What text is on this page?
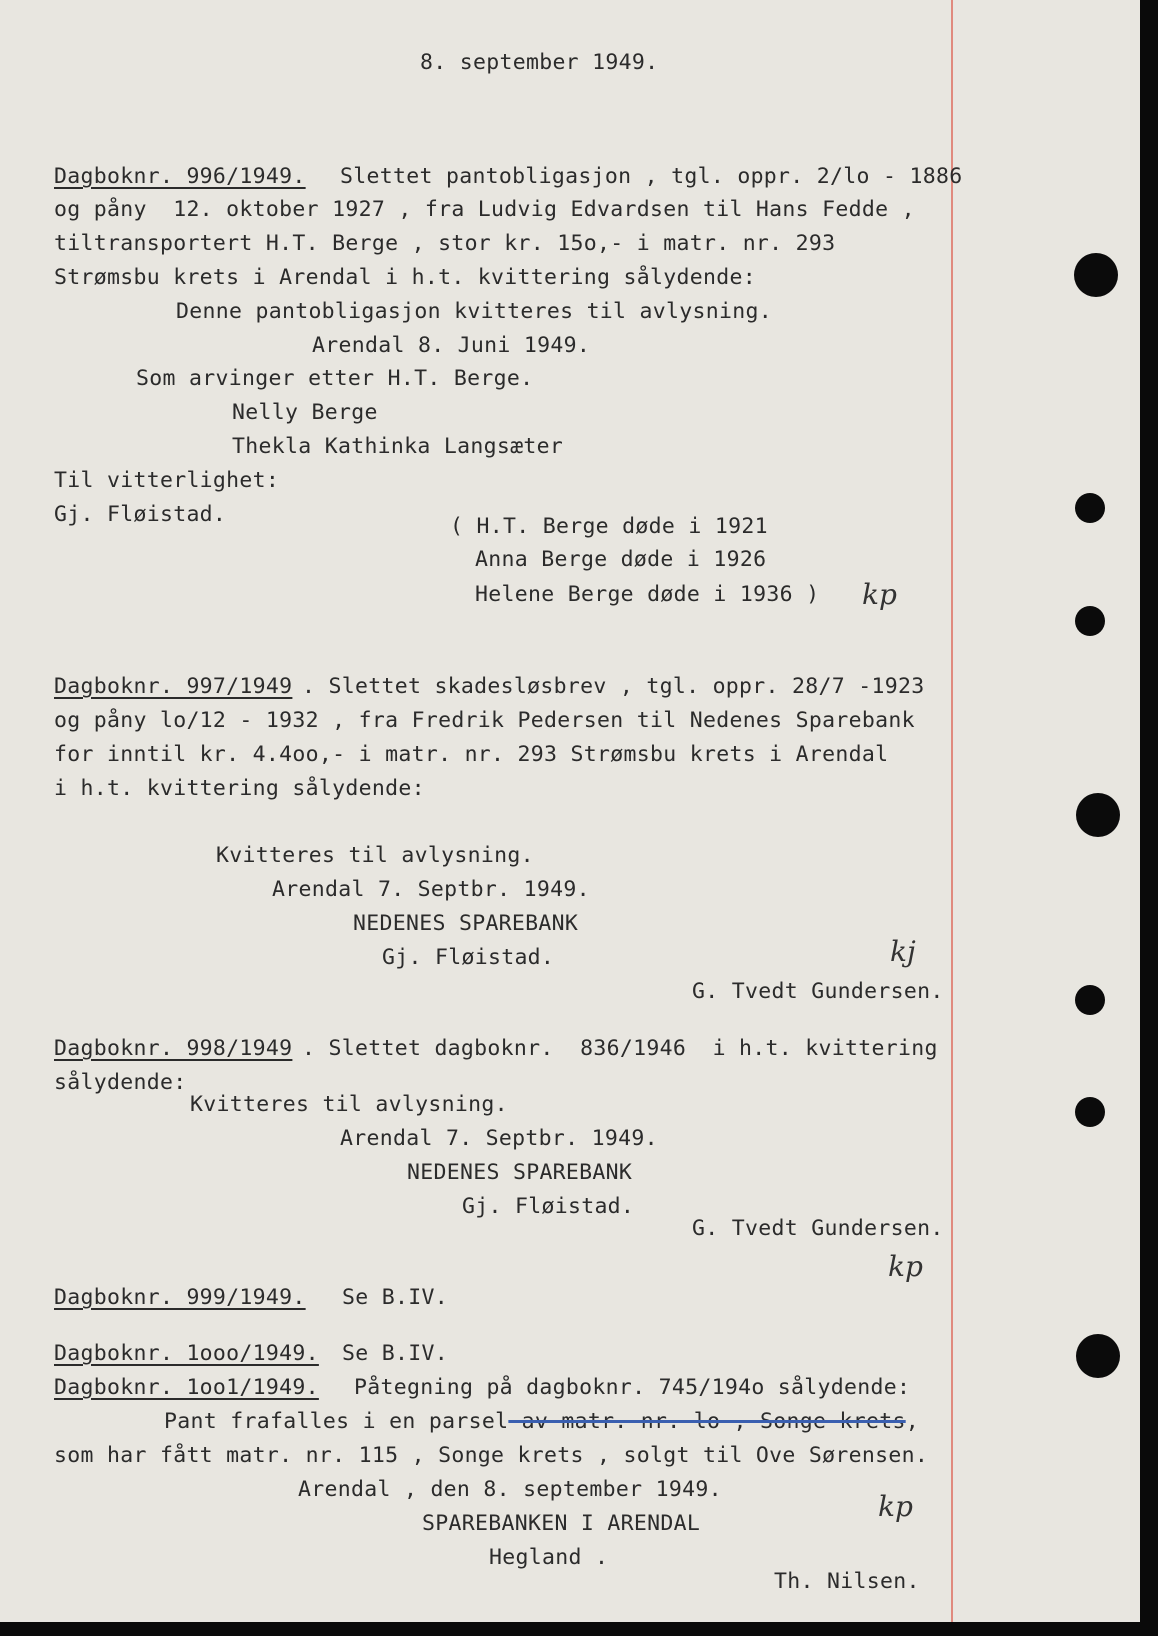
8. september 1949.
Dagboknr. 996/1949. Slettet pantobligasjon , tgl. oppr. 2/lo - 1886
og påny  12. oktober 1927 , fra Ludvig Edvardsen til Hans Fedde ,
tiltransportert H.T. Berge , stor kr. 15o,- i matr. nr. 293
Strømsbu krets i Arendal i h.t. kvittering sålydende:
Denne pantobligasjon kvitteres til avlysning.
Arendal 8. Juni 1949.
Som arvinger etter H.T. Berge.
Nelly Berge
Thekla Kathinka Langsæter
Til vitterlighet:
Gj. Fløistad.	( H.T. Berge døde i 1921
Anna Berge døde i 1926
Helene Berge døde i 1936 ) kp
Dagboknr. 997/1949 . Slettet skadesløsbrev , tgl. oppr. 28/7 -1923
og påny lo/12 - 1932 , fra Fredrik Pedersen til Nedenes Sparebank
for inntil kr. 4.4oo,- i matr. nr. 293 Strømsbu krets i Arendal
i h.t. kvittering sålydende:
Kvitteres til avlysning.
Arendal 7. Septbr. 1949.
NEDENES SPAREBANK
Gj. Fløistad.
G. Tvedt Gundersen.
kj
Dagboknr. 998/1949 . Slettet dagboknr.  836/1946  i h.t. kvittering
sålydende:
Kvitteres til avlysning.
Arendal 7. Septbr. 1949.
NEDENES SPAREBANK
Gj. Fløistad.
G. Tvedt Gundersen.
kp
Dagboknr. 999/1949. Se B.IV.
Dagboknr. 1ooo/1949. Se B.IV.
Dagboknr. 1oo1/1949. Påtegning på dagboknr. 745/194o sålydende:
Pant frafalles i en parsel av matr. nr. lo , Songe krets,
som har fått matr. nr. 115 , Songe krets , solgt til Ove Sørensen.
Arendal , den 8. september 1949.
SPAREBANKEN I ARENDAL
Hegland .
Th. Nilsen.
kp
